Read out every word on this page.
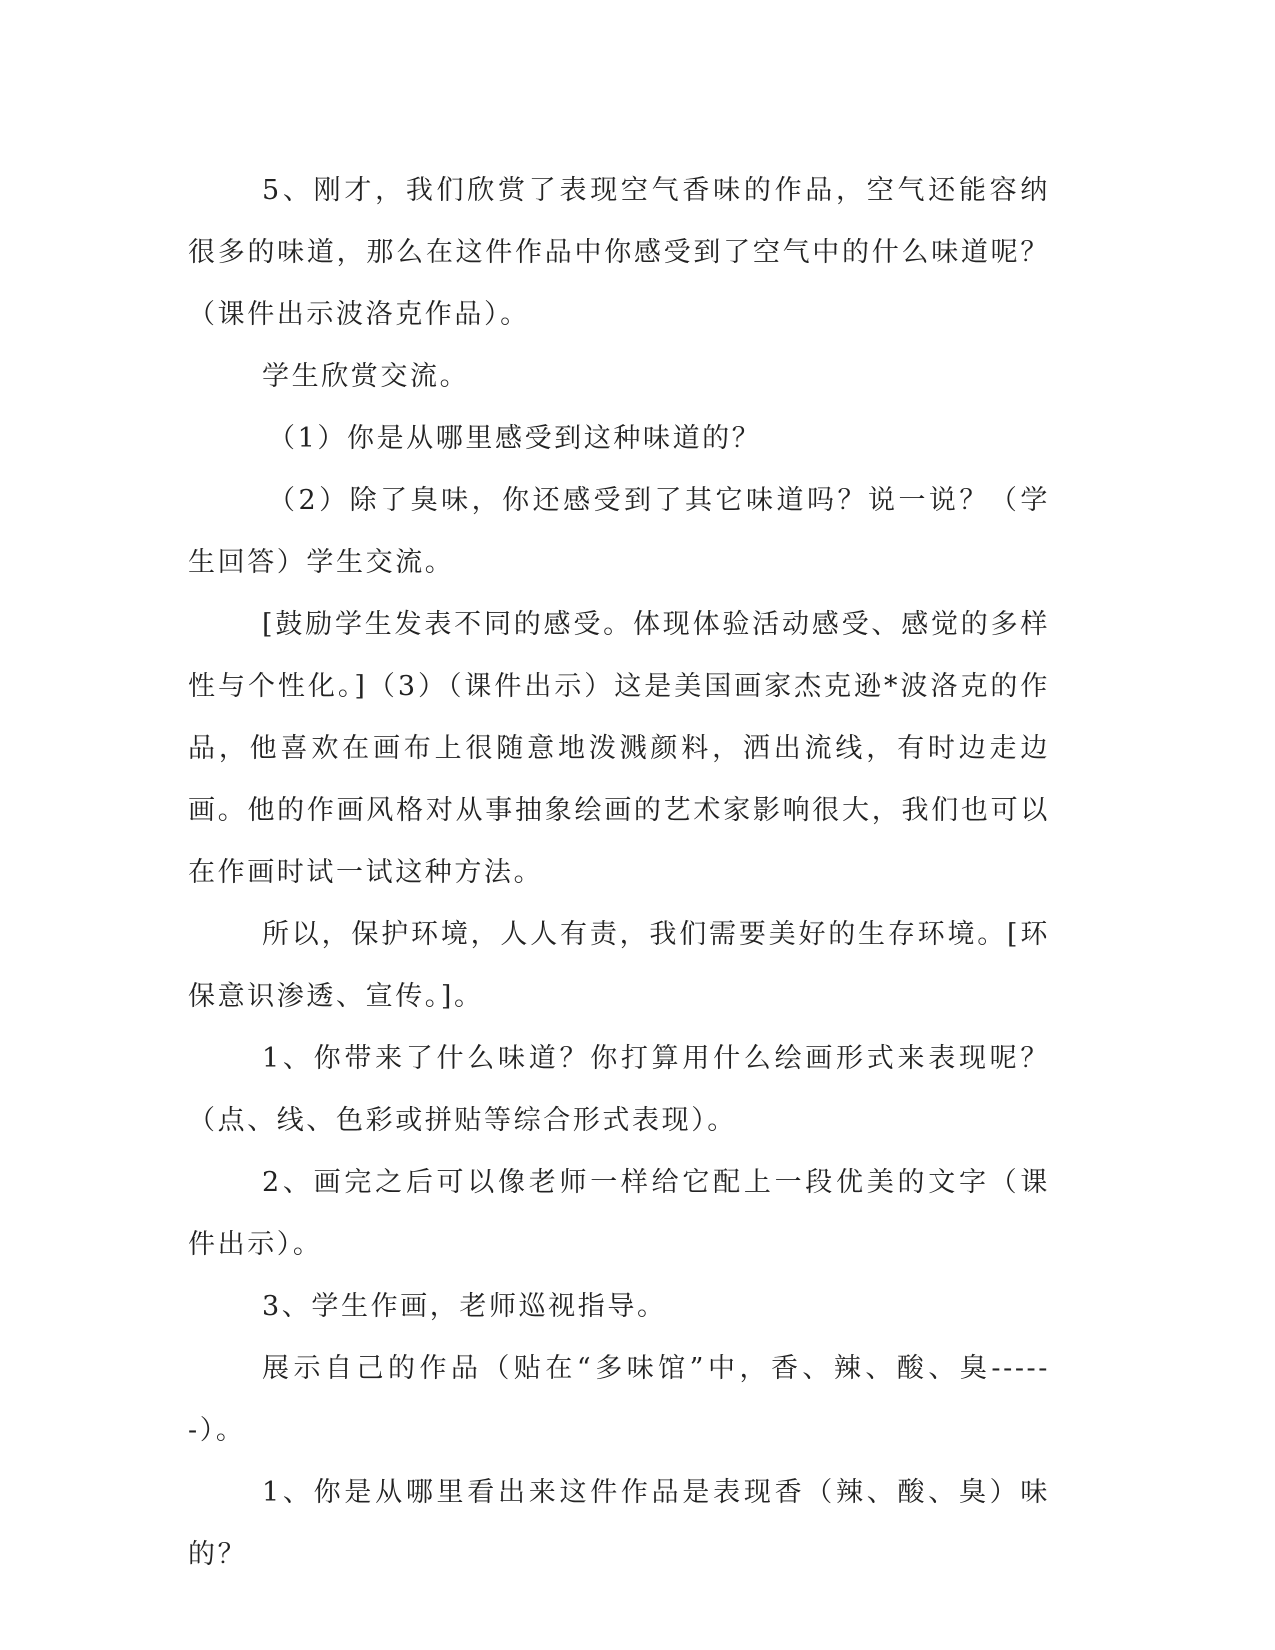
5、刚才，我们欣赏了表现空气香味的作品，空气还能容纳很多的味道，那么在这件作品中你感受到了空气中的什么味道呢？（课件出示波洛克作品）。

学生欣赏交流。

（1）你是从哪里感受到这种味道的？

（2）除了臭味，你还感受到了其它味道吗？说一说？（学生回答）学生交流。

[鼓励学生发表不同的感受。体现体验活动感受、感觉的多样性与个性化。]（3）（课件出示）这是美国画家杰克逊*波洛克的作品，他喜欢在画布上很随意地泼溅颜料，洒出流线，有时边走边画。他的作画风格对从事抽象绘画的艺术家影响很大，我们也可以在作画时试一试这种方法。

所以，保护环境，人人有责，我们需要美好的生存环境。[环保意识渗透、宣传。]。

1、你带来了什么味道？你打算用什么绘画形式来表现呢？（点、线、色彩或拼贴等综合形式表现）。

2、画完之后可以像老师一样给它配上一段优美的文字（课件出示）。

3、学生作画，老师巡视指导。

展示自己的作品（贴在“多味馆”中，香、辣、酸、臭------）。

1、你是从哪里看出来这件作品是表现香（辣、酸、臭）味的？
